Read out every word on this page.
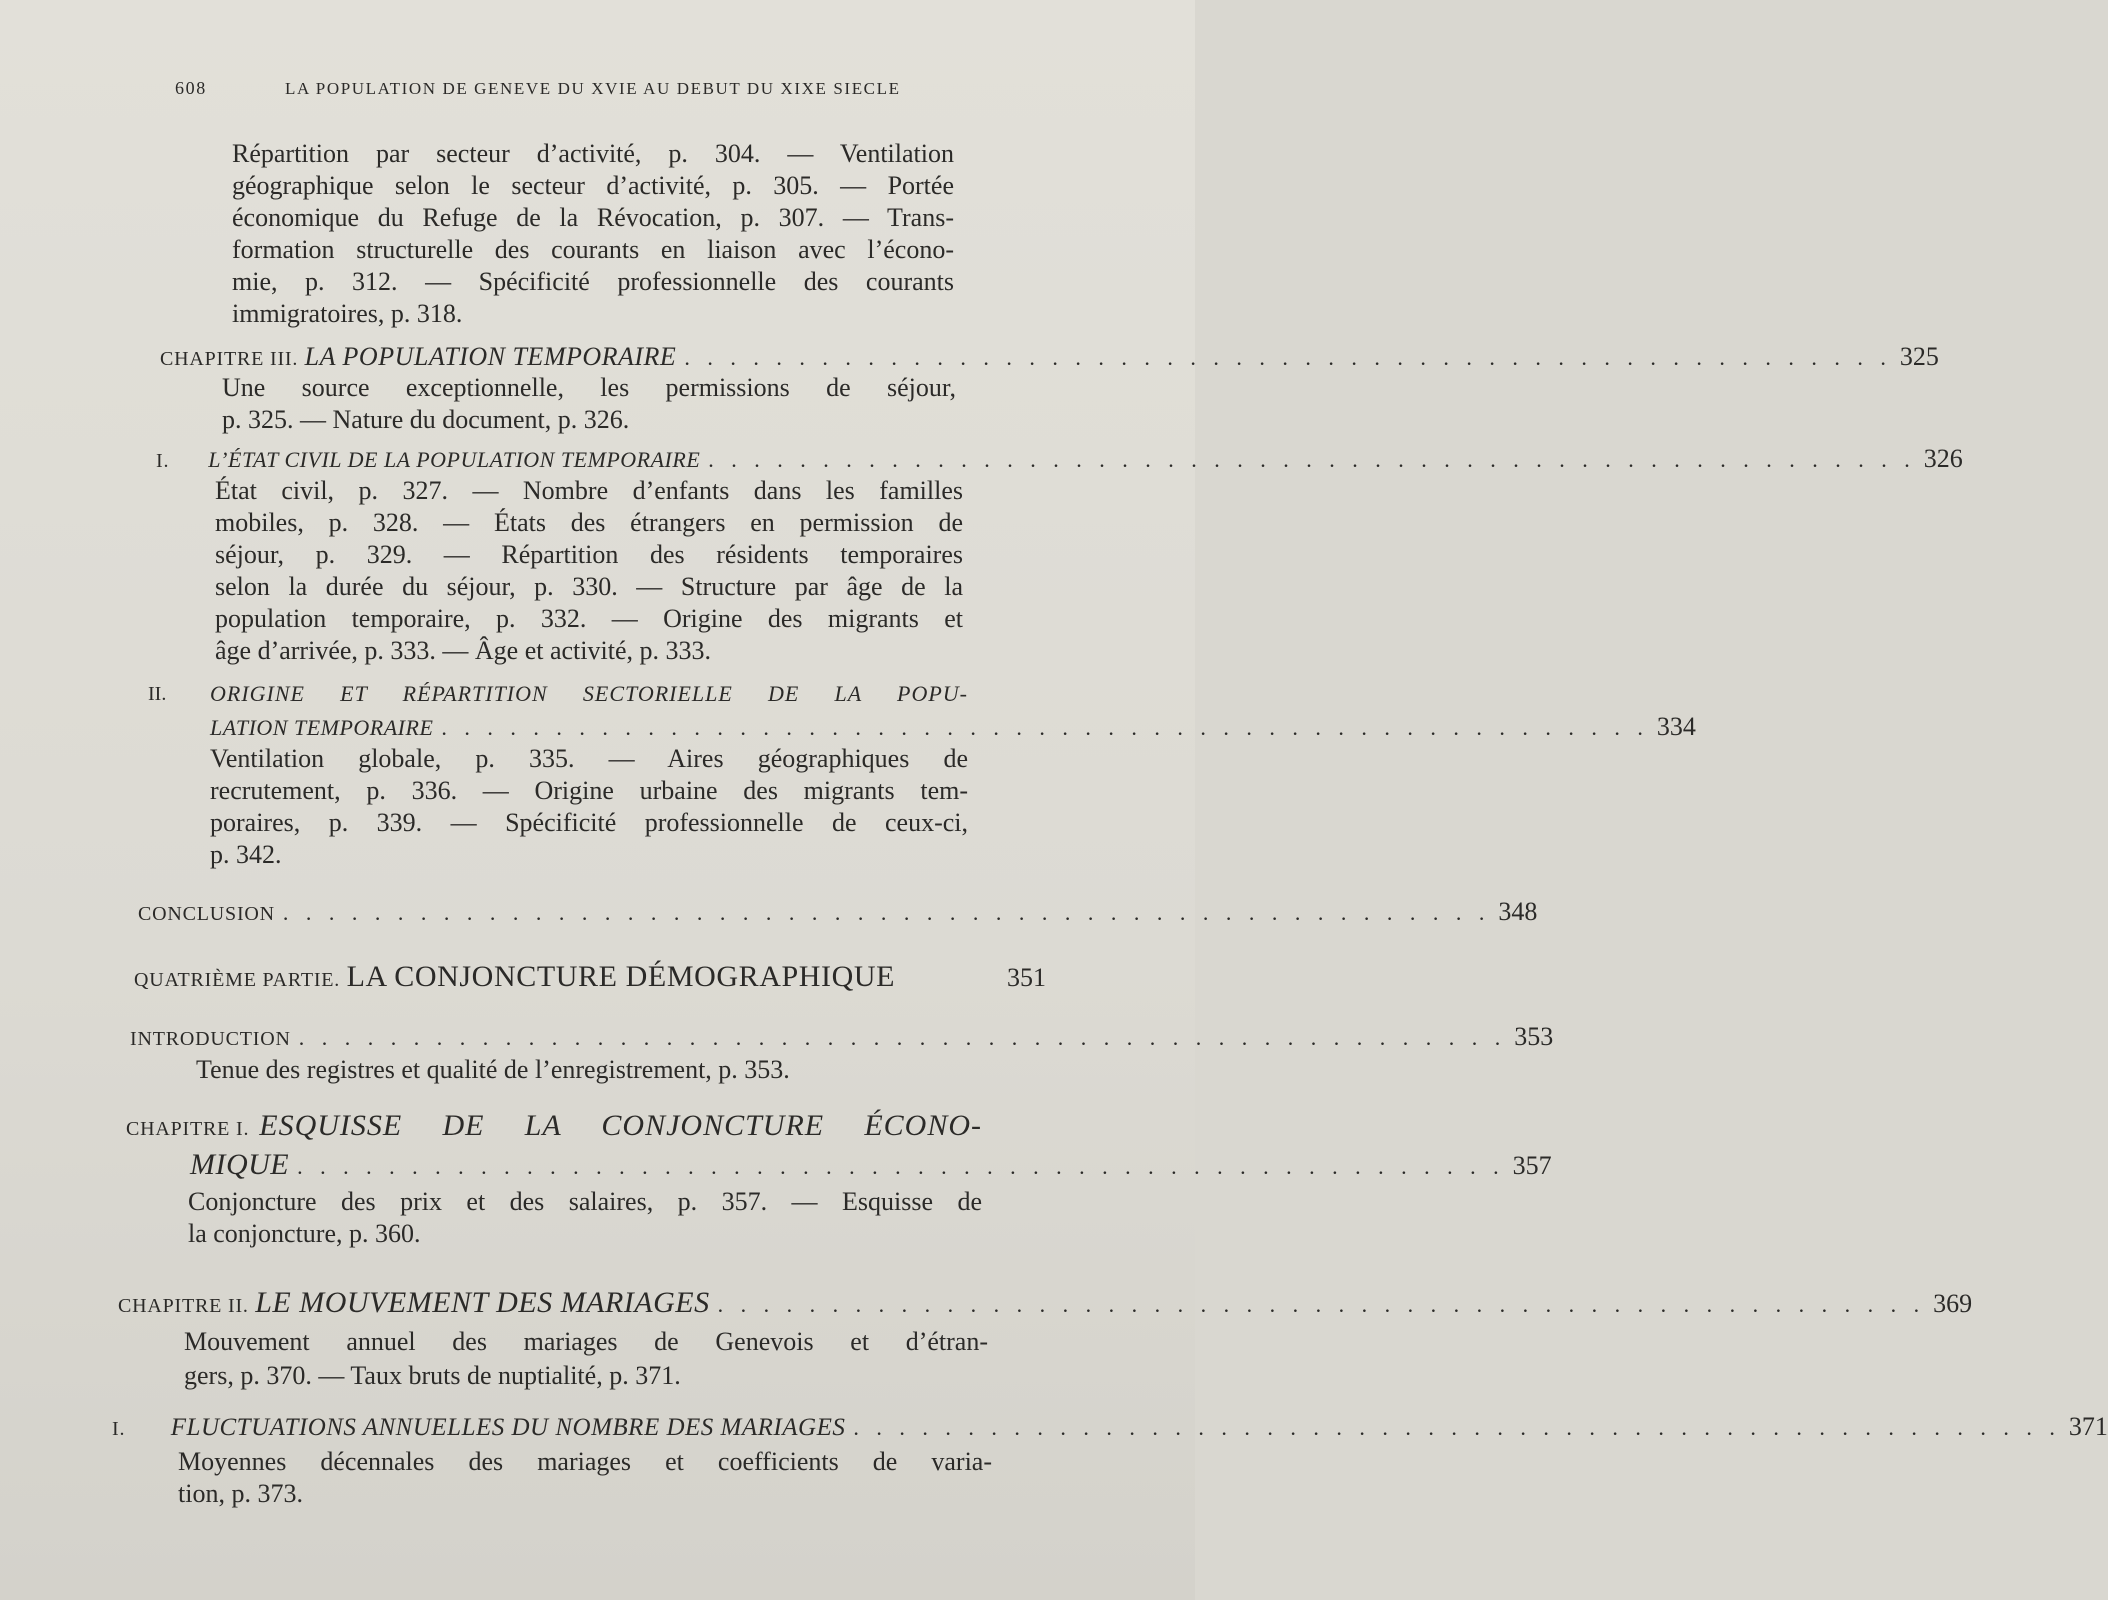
608	LA POPULATION DE GENEVE DU XVIE AU DEBUT DU XIXE SIECLE
Répartition par secteur d’activité, p. 304. — Ventilation
géographique selon le secteur d’activité, p. 305. — Portée
économique du Refuge de la Révocation, p. 307. — Trans-
formation structurelle des courants en liaison avec l’écono-
mie, p. 312. — Spécificité professionnelle des courants
immigratoires, p. 318.
CHAPITRE III. LA POPULATION TEMPORAIRE . . . . . . . . . . . . . . . . . . . . . . . . . . . . . . . . . . . . . . . . . . . . . . . . . . . . . 325
Une source exceptionnelle, les permissions de séjour,
p. 325. — Nature du document, p. 326.
I. L’ÉTAT CIVIL DE LA POPULATION TEMPORAIRE . . . . . . . . . . . . . . . . . . . . . . . . . . . . . . . . . . . . . . . . . . . . . . . . . . . . . 326
État civil, p. 327. — Nombre d’enfants dans les familles
mobiles, p. 328. — États des étrangers en permission de
séjour, p. 329. — Répartition des résidents temporaires
selon la durée du séjour, p. 330. — Structure par âge de la
population temporaire, p. 332. — Origine des migrants et
âge d’arrivée, p. 333. — Âge et activité, p. 333.
II.	ORIGINE ET RÉPARTITION SECTORIELLE DE LA POPU-
LATION TEMPORAIRE . . . . . . . . . . . . . . . . . . . . . . . . . . . . . . . . . . . . . . . . . . . . . . . . . . . . . 334
Ventilation globale, p. 335. — Aires géographiques de
recrutement, p. 336. — Origine urbaine des migrants tem-
poraires, p. 339. — Spécificité professionnelle de ceux-ci,
p. 342.
CONCLUSION . . . . . . . . . . . . . . . . . . . . . . . . . . . . . . . . . . . . . . . . . . . . . . . . . . . . . 348
QUATRIÈME PARTIE. LA CONJONCTURE DÉMOGRAPHIQUE	351
INTRODUCTION . . . . . . . . . . . . . . . . . . . . . . . . . . . . . . . . . . . . . . . . . . . . . . . . . . . . . 353
Tenue des registres et qualité de l’enregistrement, p. 353.
CHAPITRE I. ESQUISSE DE LA CONJONCTURE ÉCONO-
MIQUE . . . . . . . . . . . . . . . . . . . . . . . . . . . . . . . . . . . . . . . . . . . . . . . . . . . . . 357
Conjoncture des prix et des salaires, p. 357. — Esquisse de
la conjoncture, p. 360.
CHAPITRE II. LE MOUVEMENT DES MARIAGES . . . . . . . . . . . . . . . . . . . . . . . . . . . . . . . . . . . . . . . . . . . . . . . . . . . . . 369
Mouvement annuel des mariages de Genevois et d’étran-
gers, p. 370. — Taux bruts de nuptialité, p. 371.
I. FLUCTUATIONS ANNUELLES DU NOMBRE DES MARIAGES . . . . . . . . . . . . . . . . . . . . . . . . . . . . . . . . . . . . . . . . . . . . . . . . . . . . . 371
Moyennes décennales des mariages et coefficients de varia-
tion, p. 373.
